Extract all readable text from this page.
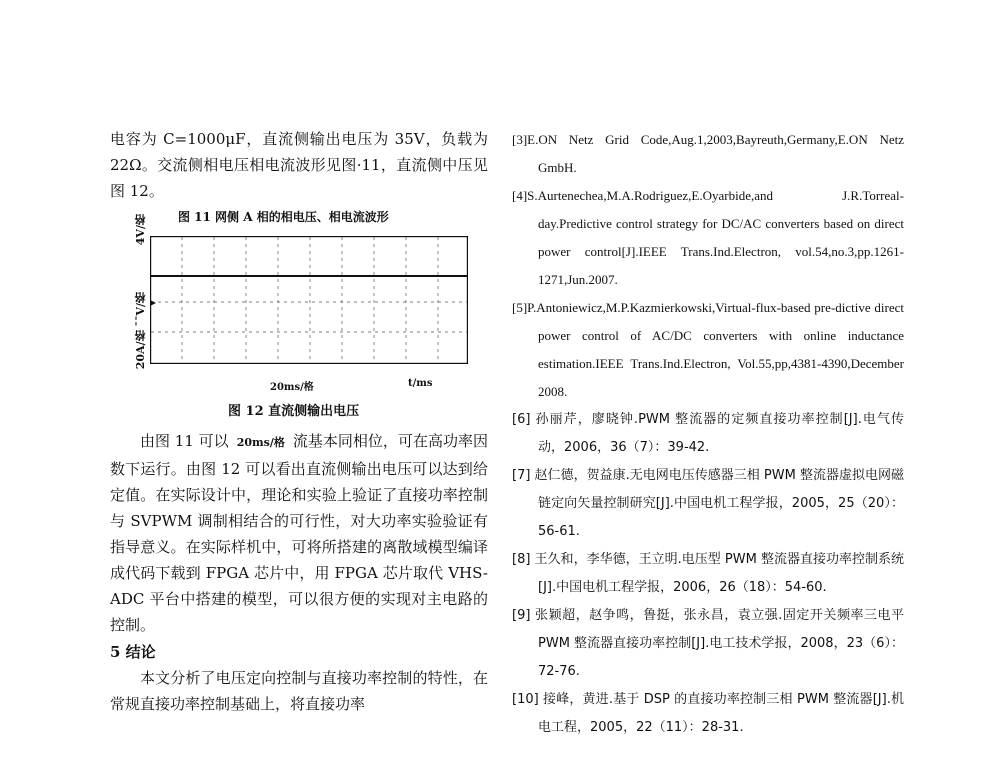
电容为 C=1000μF，直流侧输出电压为 35V，负载为 22Ω。交流侧相电压相电流波形见图·11，直流侧中压见图 12。

图 11 网侧 A 相的相电压、相电流波形
4V/格
20A/格 ˉˉV/格
20ms/格	t/ms
图 12 直流侧输出电压

由图 11 可以 20ms/格 流基本同相位，可在高功率因数下运行。由图 12 可以看出直流侧输出电压可以达到给定值。在实际设计中，理论和实验上验证了直接功率控制与 SVPWM 调制相结合的可行性，对大功率实验验证有指导意义。在实际样机中，可将所搭建的离散域模型编译成代码下载到 FPGA 芯片中，用 FPGA 芯片取代 VHS-ADC 平台中搭建的模型，可以很方便的实现对主电路的控制。

5 结论

本文分析了电压定向控制与直接功率控制的特性，在常规直接功率控制基础上，将直接功率

[3]E.ON Netz Grid Code,Aug.1,2003,Bayreuth,Germany,E.ON Netz GmbH.

[4]S.Aurtenechea,M.A.Rodriguez,E.Oyarbide,and J.R.Torreal-day.Predictive control strategy for DC/AC converters based on direct power control[J].IEEE Trans.Ind.Electron, vol.54,no.3,pp.1261-1271,Jun.2007.

[5]P.Antoniewicz,M.P.Kazmierkowski,Virtual-flux-based pre-dictive direct power control of AC/DC converters with online inductance estimation.IEEE Trans.Ind.Electron, Vol.55,pp,4381-4390,December 2008.

[6] 孙丽芹，廖晓钟.PWM 整流器的定频直接功率控制[J].电气传动，2006，36（7）：39-42.

[7] 赵仁德，贺益康.无电网电压传感器三相 PWM 整流器虚拟电网磁链定向矢量控制研究[J].中国电机工程学报，2005，25（20）：56-61.

[8] 王久和，李华德，王立明.电压型 PWM 整流器直接功率控制系统[J].中国电机工程学报，2006，26（18）：54-60.

[9] 张颖超，赵争鸣，鲁挺，张永昌，袁立强.固定开关频率三电平 PWM 整流器直接功率控制[J].电工技术学报，2008，23（6）：72-76.

[10] 接峰，黄进.基于 DSP 的直接功率控制三相 PWM 整流器[J].机电工程，2005，22（11）：28-31.
